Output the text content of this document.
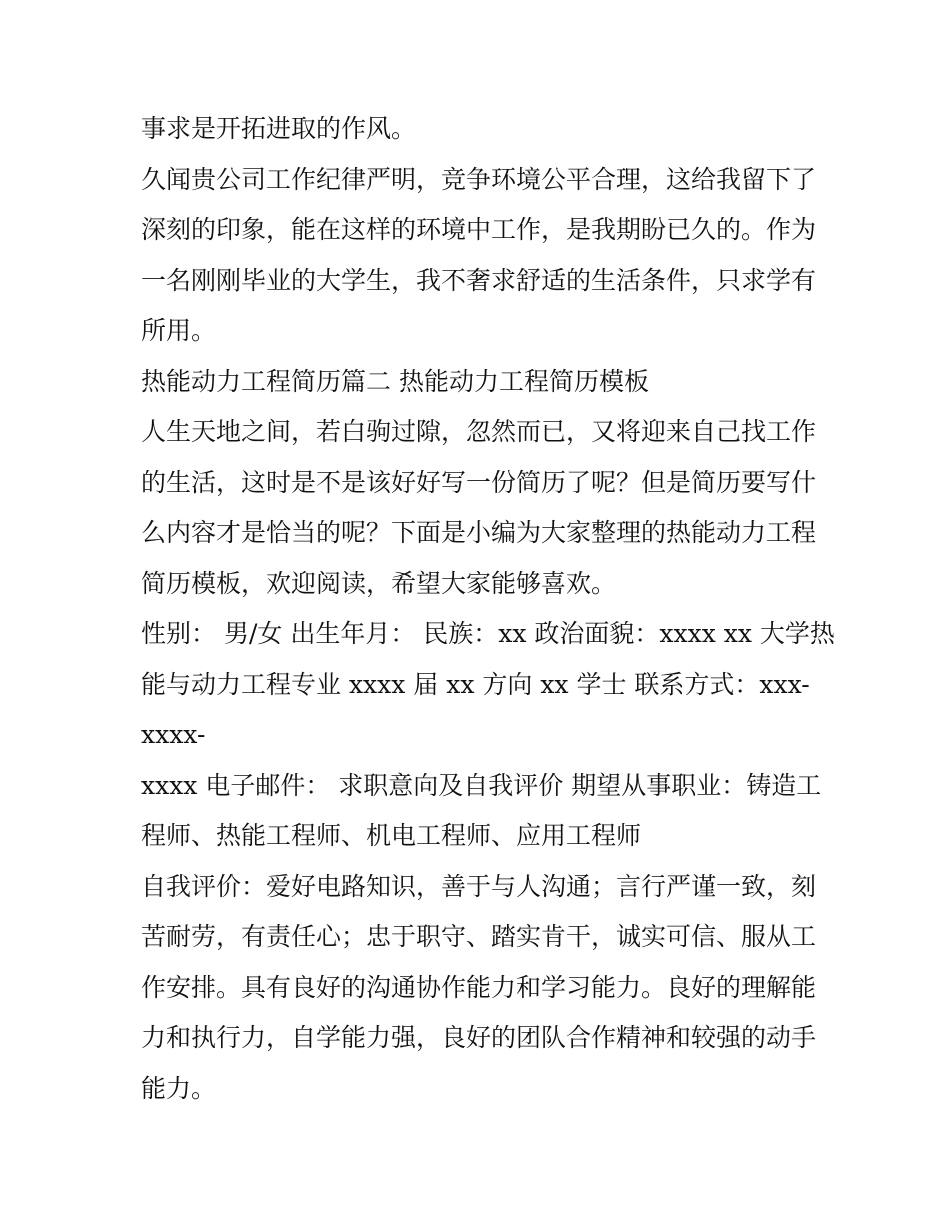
事求是开拓进取的作风。
久闻贵公司工作纪律严明，竞争环境公平合理，这给我留下了
深刻的印象，能在这样的环境中工作，是我期盼已久的。作为
一名刚刚毕业的大学生，我不奢求舒适的生活条件，只求学有
所用。
热能动力工程简历篇二 热能动力工程简历模板
人生天地之间，若白驹过隙，忽然而已，又将迎来自己找工作
的生活，这时是不是该好好写一份简历了呢？但是简历要写什
么内容才是恰当的呢？下面是小编为大家整理的热能动力工程
简历模板，欢迎阅读，希望大家能够喜欢。
性别： 男/女 出生年月： 民族：xx 政治面貌：xxxx xx 大学热
能与动力工程专业 xxxx 届 xx 方向 xx 学士 联系方式：xxx-
xxxx-
xxxx 电子邮件： 求职意向及自我评价 期望从事职业：铸造工
程师、热能工程师、机电工程师、应用工程师
自我评价：爱好电路知识，善于与人沟通；言行严谨一致，刻
苦耐劳，有责任心；忠于职守、踏实肯干，诚实可信、服从工
作安排。具有良好的沟通协作能力和学习能力。良好的理解能
力和执行力，自学能力强，良好的团队合作精神和较强的动手
能力。
